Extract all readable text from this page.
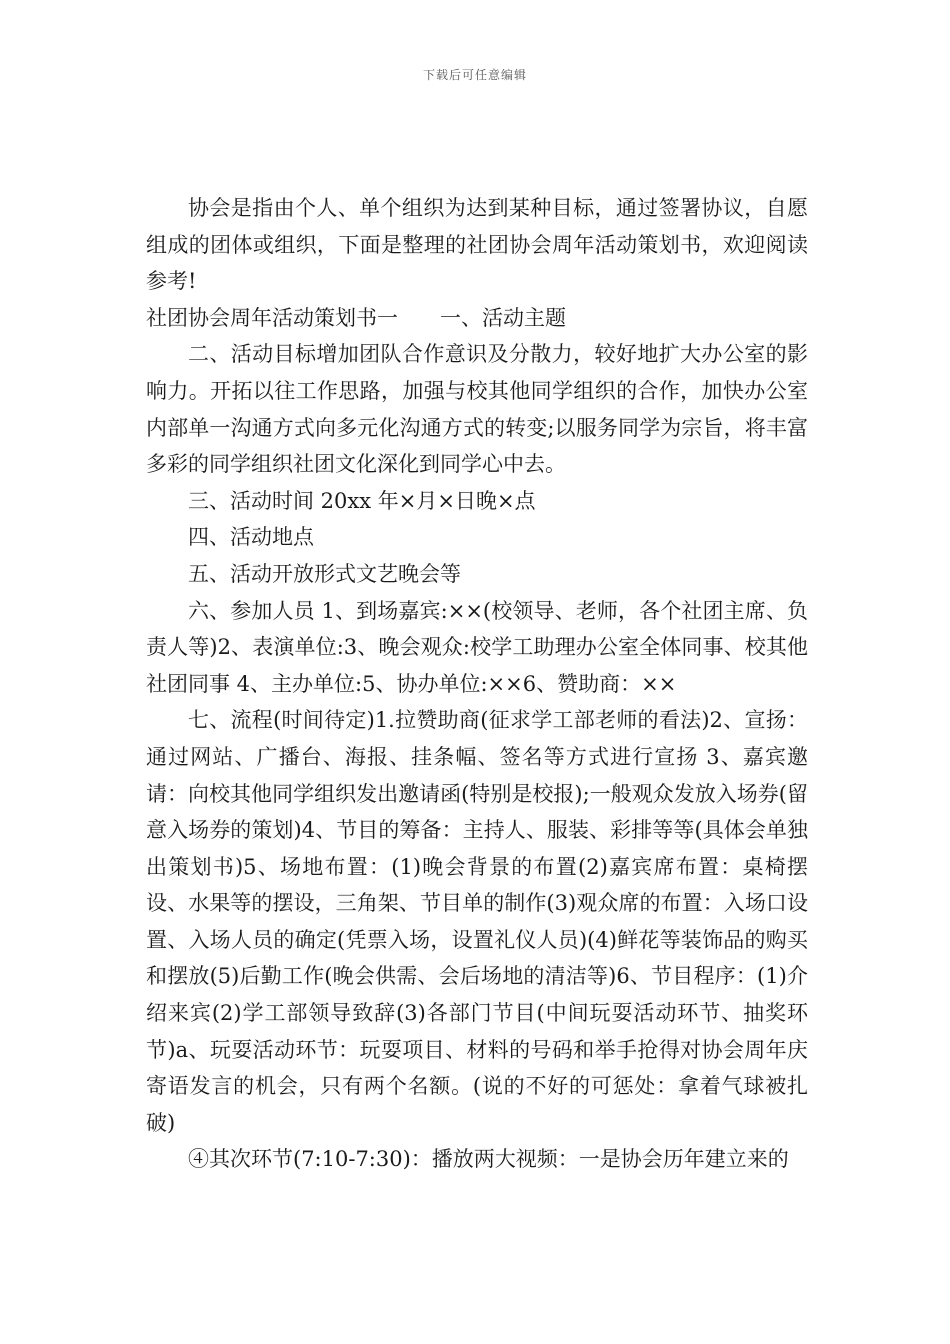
下载后可任意编辑

协会是指由个人、单个组织为达到某种目标，通过签署协议，自愿组成的团体或组织，下面是整理的社团协会周年活动策划书，欢迎阅读参考!

社团协会周年活动策划书一　　一、活动主题

二、活动目标增加团队合作意识及分散力，较好地扩大办公室的影响力。开拓以往工作思路，加强与校其他同学组织的合作，加快办公室内部单一沟通方式向多元化沟通方式的转变;以服务同学为宗旨，将丰富多彩的同学组织社团文化深化到同学心中去。

三、活动时间 20xx 年×月×日晚×点

四、活动地点

五、活动开放形式文艺晚会等

六、参加人员 1、到场嘉宾:××(校领导、老师，各个社团主席、负责人等)2、表演单位:3、晚会观众:校学工助理办公室全体同事、校其他社团同事 4、主办单位:5、协办单位:××6、赞助商：××

七、流程(时间待定)1.拉赞助商(征求学工部老师的看法)2、宣扬：通过网站、广播台、海报、挂条幅、签名等方式进行宣扬 3、嘉宾邀请：向校其他同学组织发出邀请函(特别是校报);一般观众发放入场券(留意入场券的策划)4、节目的筹备：主持人、服装、彩排等等(具体会单独出策划书)5、场地布置：(1)晚会背景的布置(2)嘉宾席布置：桌椅摆设、水果等的摆设，三角架、节目单的制作(3)观众席的布置：入场口设置、入场人员的确定(凭票入场，设置礼仪人员)(4)鲜花等装饰品的购买和摆放(5)后勤工作(晚会供需、会后场地的清洁等)6、节目程序：(1)介绍来宾(2)学工部领导致辞(3)各部门节目(中间玩耍活动环节、抽奖环节)a、玩耍活动环节：玩耍项目、材料的号码和举手抢得对协会周年庆寄语发言的机会，只有两个名额。(说的不好的可惩处：拿着气球被扎破)

④其次环节(7:10-7:30)：播放两大视频：一是协会历年建立来的
